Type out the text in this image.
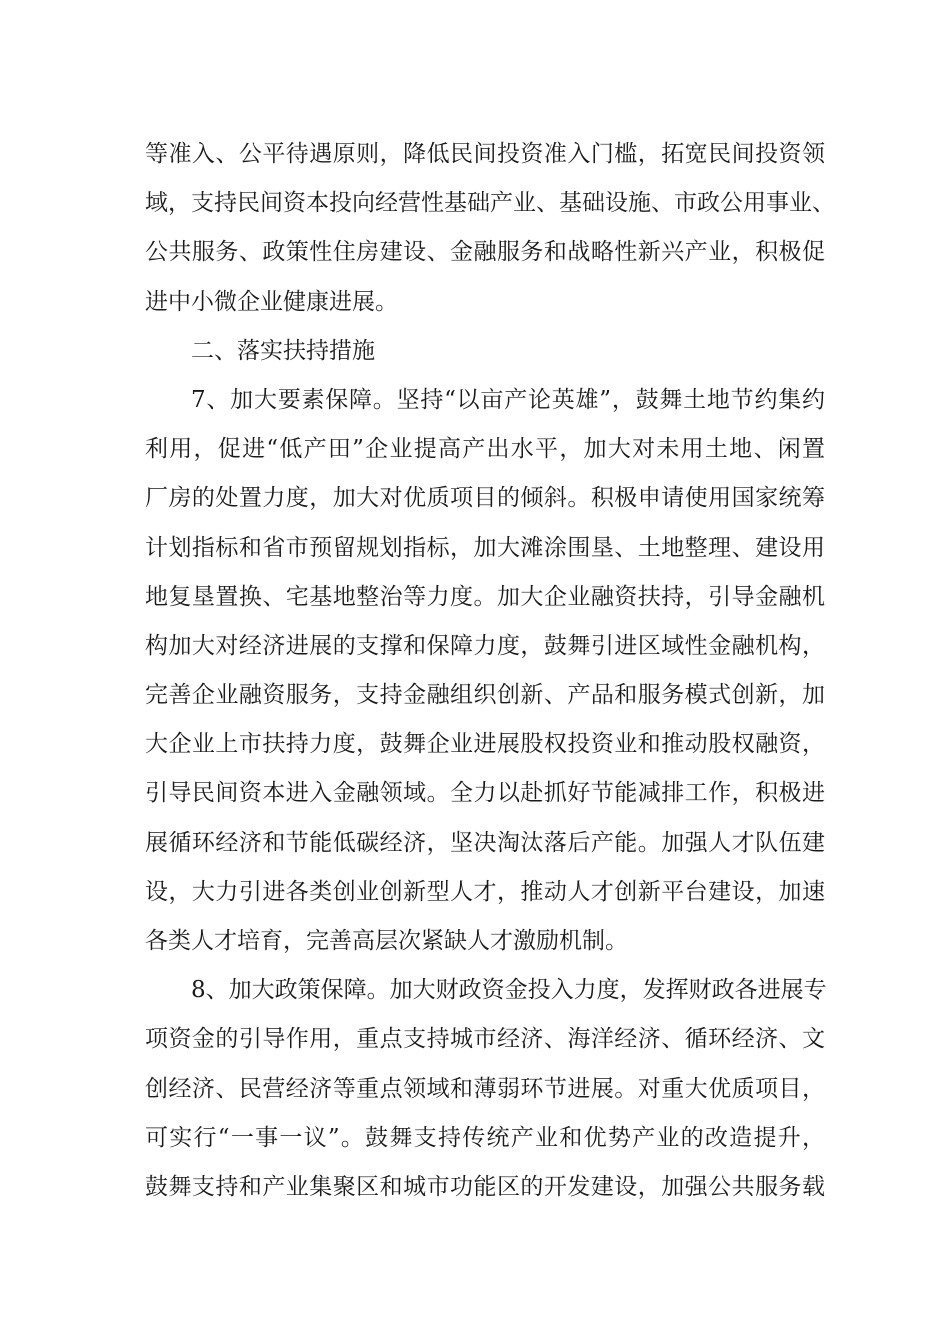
等准入、公平待遇原则，降低民间投资准入门槛，拓宽民间投资领
域，支持民间资本投向经营性基础产业、基础设施、市政公用事业、
公共服务、政策性住房建设、金融服务和战略性新兴产业，积极促
进中小微企业健康进展。
二、落实扶持措施
7、加大要素保障。坚持“以亩产论英雄”，鼓舞土地节约集约
利用，促进“低产田”企业提高产出水平，加大对未用土地、闲置
厂房的处置力度，加大对优质项目的倾斜。积极申请使用国家统筹
计划指标和省市预留规划指标，加大滩涂围垦、土地整理、建设用
地复垦置换、宅基地整治等力度。加大企业融资扶持，引导金融机
构加大对经济进展的支撑和保障力度，鼓舞引进区域性金融机构，
完善企业融资服务，支持金融组织创新、产品和服务模式创新，加
大企业上市扶持力度，鼓舞企业进展股权投资业和推动股权融资，
引导民间资本进入金融领域。全力以赴抓好节能减排工作，积极进
展循环经济和节能低碳经济，坚决淘汰落后产能。加强人才队伍建
设，大力引进各类创业创新型人才，推动人才创新平台建设，加速
各类人才培育，完善高层次紧缺人才激励机制。
8、加大政策保障。加大财政资金投入力度，发挥财政各进展专
项资金的引导作用，重点支持城市经济、海洋经济、循环经济、文
创经济、民营经济等重点领域和薄弱环节进展。对重大优质项目，
可实行“一事一议”。鼓舞支持传统产业和优势产业的改造提升，
鼓舞支持和产业集聚区和城市功能区的开发建设，加强公共服务载
